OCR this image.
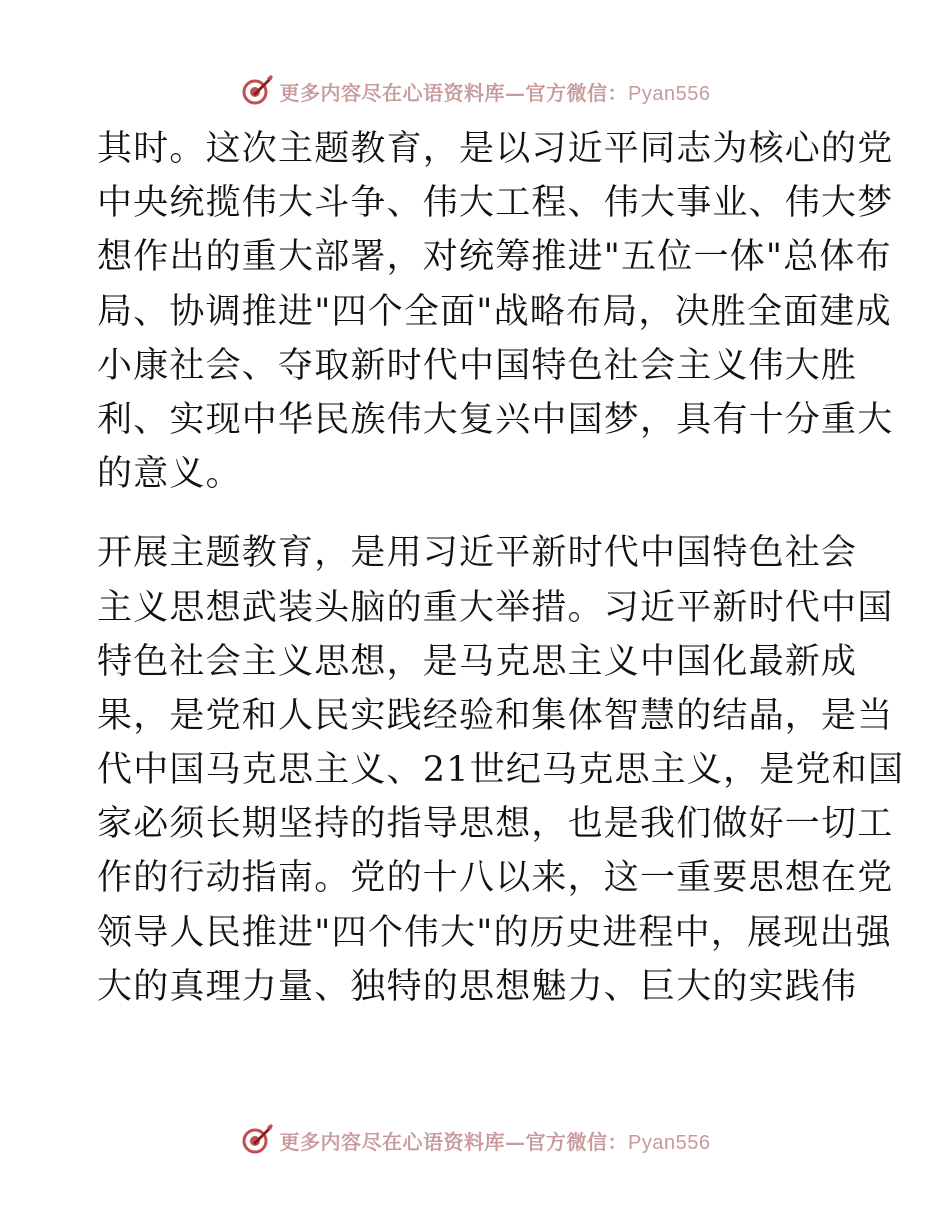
更多内容尽在心语资料库—官方微信：Pyan556
其时。这次主题教育，是以习近平同志为核心的党
中央统揽伟大斗争、伟大工程、伟大事业、伟大梦
想作出的重大部署，对统筹推进"五位一体"总体布
局、协调推进"四个全面"战略布局，决胜全面建成
小康社会、夺取新时代中国特色社会主义伟大胜
利、实现中华民族伟大复兴中国梦，具有十分重大
的意义。
开展主题教育，是用习近平新时代中国特色社会
主义思想武装头脑的重大举措。习近平新时代中国
特色社会主义思想，是马克思主义中国化最新成
果，是党和人民实践经验和集体智慧的结晶，是当
代中国马克思主义、21世纪马克思主义，是党和国
家必须长期坚持的指导思想，也是我们做好一切工
作的行动指南。党的十八以来，这一重要思想在党
领导人民推进"四个伟大"的历史进程中，展现出强
大的真理力量、独特的思想魅力、巨大的实践伟
更多内容尽在心语资料库—官方微信：Pyan556
